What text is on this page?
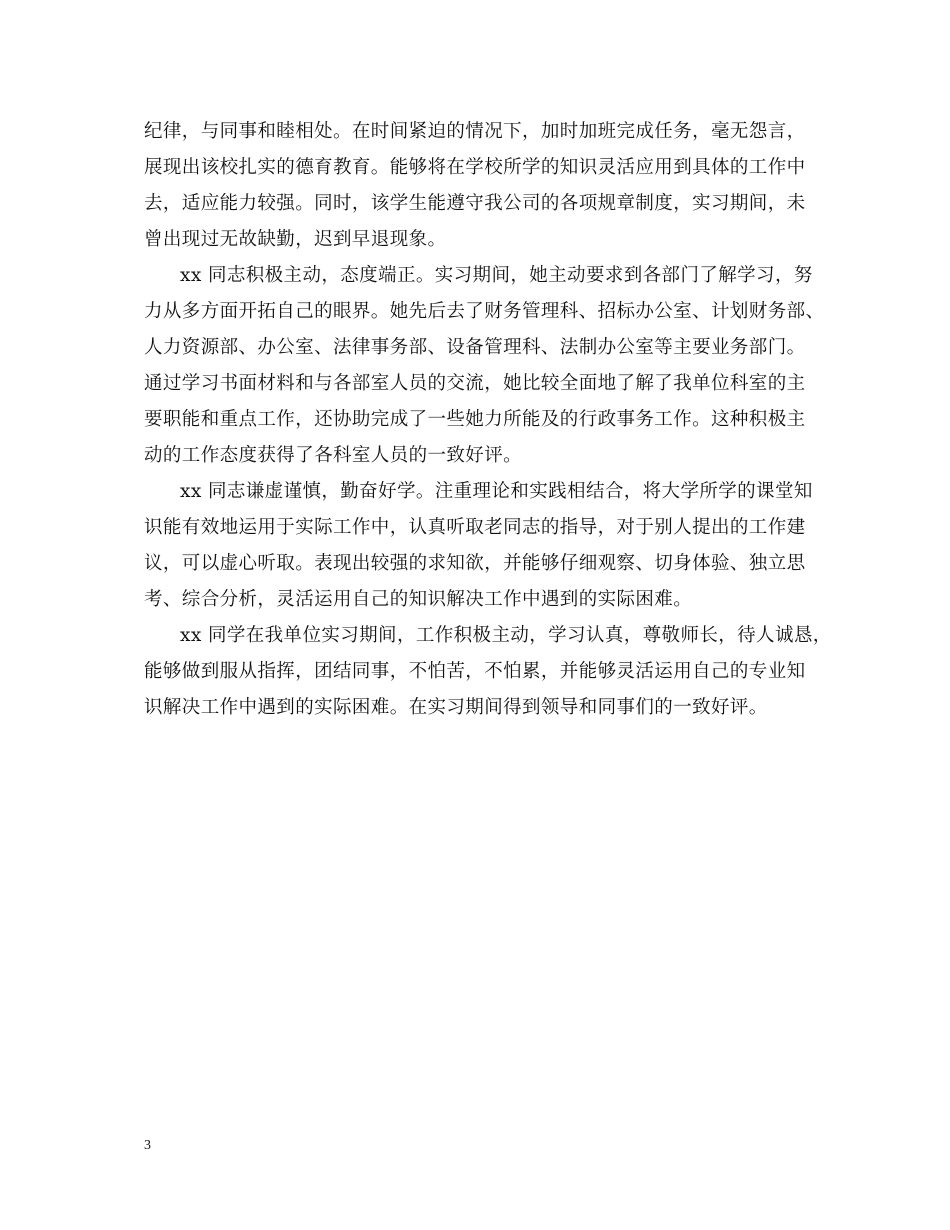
纪律，与同事和睦相处。在时间紧迫的情况下，加时加班完成任务，毫无怨言，
展现出该校扎实的德育教育。能够将在学校所学的知识灵活应用到具体的工作中
去，适应能力较强。同时，该学生能遵守我公司的各项规章制度，实习期间，未
曾出现过无故缺勤，迟到早退现象。
xx 同志积极主动，态度端正。实习期间，她主动要求到各部门了解学习，努
力从多方面开拓自己的眼界。她先后去了财务管理科、招标办公室、计划财务部、
人力资源部、办公室、法律事务部、设备管理科、法制办公室等主要业务部门。
通过学习书面材料和与各部室人员的交流，她比较全面地了解了我单位科室的主
要职能和重点工作，还协助完成了一些她力所能及的行政事务工作。这种积极主
动的工作态度获得了各科室人员的一致好评。
xx 同志谦虚谨慎，勤奋好学。注重理论和实践相结合，将大学所学的课堂知
识能有效地运用于实际工作中，认真听取老同志的指导，对于别人提出的工作建
议，可以虚心听取。表现出较强的求知欲，并能够仔细观察、切身体验、独立思
考、综合分析，灵活运用自己的知识解决工作中遇到的实际困难。
xx 同学在我单位实习期间，工作积极主动，学习认真，尊敬师长，待人诚恳，
能够做到服从指挥，团结同事，不怕苦，不怕累，并能够灵活运用自己的专业知
识解决工作中遇到的实际困难。在实习期间得到领导和同事们的一致好评。
3
